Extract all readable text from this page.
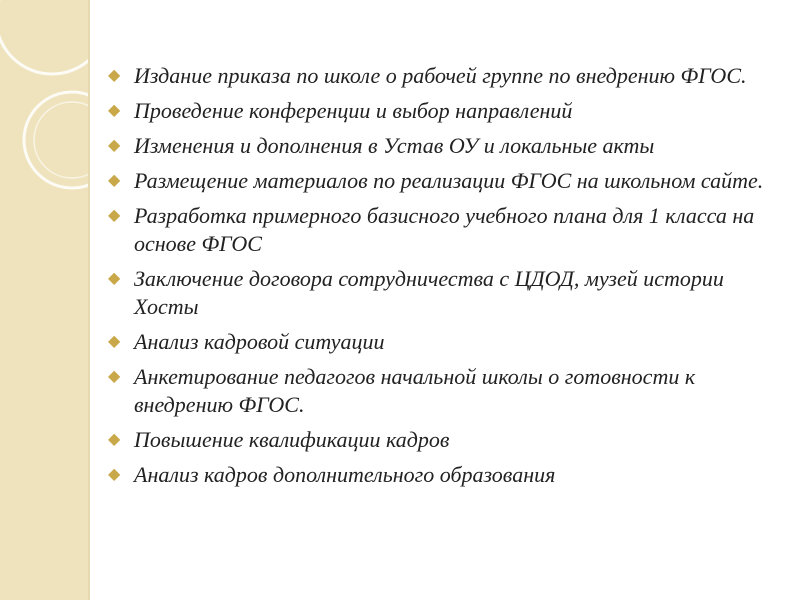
◆ Издание приказа по школе о рабочей группе по внедрению ФГОС.
◆ Проведение конференции и выбор направлений
◆ Изменения и дополнения в Устав ОУ и локальные акты
◆ Размещение материалов по реализации ФГОС на школьном сайте.
◆ Разработка примерного базисного учебного плана для 1 класса на основе ФГОС
◆ Заключение договора сотрудничества с ЦДОД, музей истории Хосты
◆ Анализ кадровой ситуации
◆ Анкетирование педагогов начальной школы о готовности к внедрению ФГОС.
◆ Повышение квалификации кадров
◆ Анализ кадров дополнительного образования
